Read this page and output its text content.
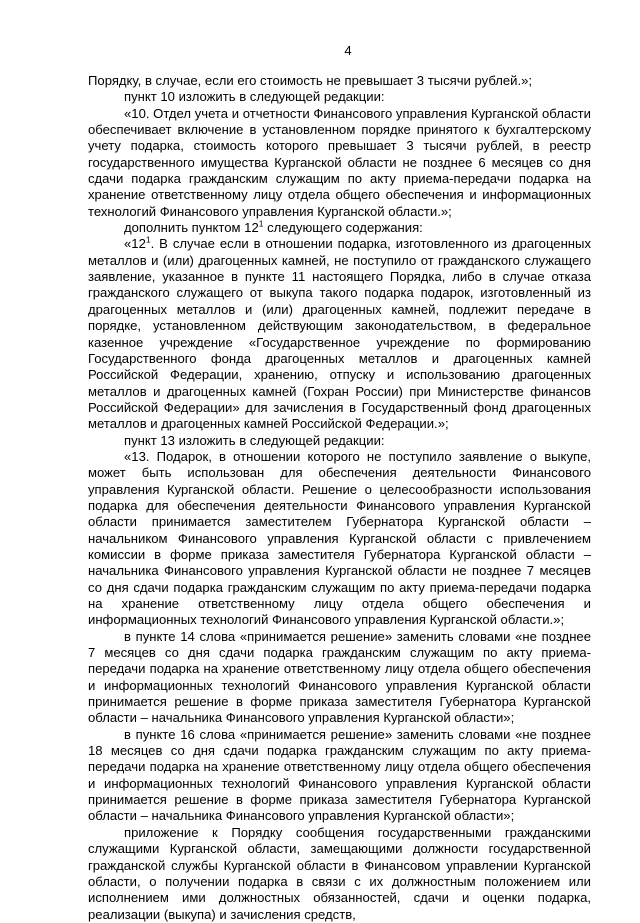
4

Порядку, в случае, если его стоимость не превышает 3 тысячи рублей.»;

пункт 10 изложить в следующей редакции:

«10. Отдел учета и отчетности Финансового управления Курганской области обеспечивает включение в установленном порядке принятого к бухгалтерскому учету подарка, стоимость которого превышает 3 тысячи рублей, в реестр государственного имущества Курганской области не позднее 6 месяцев со дня сдачи подарка гражданским служащим по акту приема-передачи подарка на хранение ответственному лицу отдела общего обеспечения и информационных технологий Финансового управления Курганской области.»;

дополнить пунктом $12^1$ следующего содержания:

«$12^1$. В случае если в отношении подарка, изготовленного из драгоценных металлов и (или) драгоценных камней, не поступило от гражданского служащего заявление, указанное в пункте 11 настоящего Порядка, либо в случае отказа гражданского служащего от выкупа такого подарка подарок, изготовленный из драгоценных металлов и (или) драгоценных камней, подлежит передаче в порядке, установленном действующим законодательством, в федеральное казенное учреждение «Государственное учреждение по формированию Государственного фонда драгоценных металлов и драгоценных камней Российской Федерации, хранению, отпуску и использованию драгоценных металлов и драгоценных камней (Гохран России) при Министерстве финансов Российской Федерации» для зачисления в Государственный фонд драгоценных металлов и драгоценных камней Российской Федерации.»;

пункт 13 изложить в следующей редакции:

«13. Подарок, в отношении которого не поступило заявление о выкупе, может быть использован для обеспечения деятельности Финансового управления Курганской области. Решение о целесообразности использования подарка для обеспечения деятельности Финансового управления Курганской области принимается заместителем Губернатора Курганской области – начальником Финансового управления Курганской области с привлечением комиссии в форме приказа заместителя Губернатора Курганской области – начальника Финансового управления Курганской области не позднее 7 месяцев со дня сдачи подарка гражданским служащим по акту приема-передачи подарка на хранение ответственному лицу отдела общего обеспечения и информационных технологий Финансового управления Курганской области.»;

в пункте 14 слова «принимается решение» заменить словами «не позднее 7 месяцев со дня сдачи подарка гражданским служащим по акту приема-передачи подарка на хранение ответственному лицу отдела общего обеспечения и информационных технологий Финансового управления Курганской области принимается решение в форме приказа заместителя Губернатора Курганской области – начальника Финансового управления Курганской области»;

в пункте 16 слова «принимается решение» заменить словами «не позднее 18 месяцев со дня сдачи подарка гражданским служащим по акту приема-передачи подарка на хранение ответственному лицу отдела общего обеспечения и информационных технологий Финансового управления Курганской области принимается решение в форме приказа заместителя Губернатора Курганской области – начальника Финансового управления Курганской области»;

приложение к Порядку сообщения государственными гражданскими служащими Курганской области, замещающими должности государственной гражданской службы Курганской области в Финансовом управлении Курганской области, о получении подарка в связи с их должностным положением или исполнением ими должностных обязанностей, сдачи и оценки подарка, реализации (выкупа) и зачисления средств,
